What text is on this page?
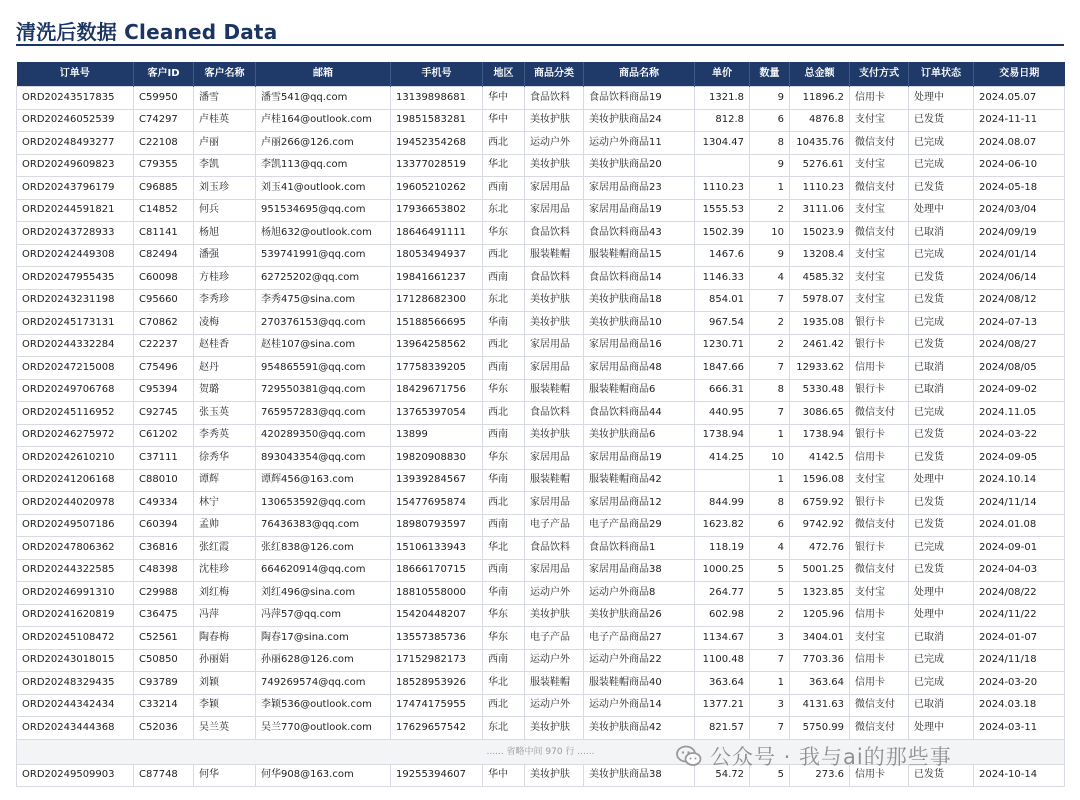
清洗后数据 Cleaned Data
订单号	客户ID	客户名称	邮箱	手机号	地区	商品分类	商品名称	单价	数量	总金额	支付方式	订单状态	交易日期
ORD20243517835	C59950	潘雪	潘雪541@qq.com	13139898681	华中	食品饮料	食品饮料商品19	1321.8	9	11896.2	信用卡	处理中	2024.05.07
ORD20246052539	C74297	卢桂英	卢桂164@outlook.com	19851583281	华中	美妆护肤	美妆护肤商品24	812.8	6	4876.8	支付宝	已发货	2024-11-11
ORD20248493277	C22108	卢丽	卢丽266@126.com	19452354268	西北	运动户外	运动户外商品11	1304.47	8	10435.76	微信支付	已完成	2024.08.07
ORD20249609823	C79355	李凯	李凯113@qq.com	13377028519	华北	美妆护肤	美妆护肤商品20		9	5276.61	支付宝	已完成	2024-06-10
ORD20243796179	C96885	刘玉珍	刘玉41@outlook.com	19605210262	西南	家居用品	家居用品商品23	1110.23	1	1110.23	微信支付	已发货	2024-05-18
ORD20244591821	C14852	何兵	951534695@qq.com	17936653802	东北	家居用品	家居用品商品19	1555.53	2	3111.06	支付宝	处理中	2024/03/04
ORD20243728933	C81141	杨旭	杨旭632@outlook.com	18646491111	华东	食品饮料	食品饮料商品43	1502.39	10	15023.9	微信支付	已取消	2024/09/19
ORD20242449308	C82494	潘强	539741991@qq.com	18053494937	西北	服装鞋帽	服装鞋帽商品15	1467.6	9	13208.4	支付宝	已完成	2024/01/14
ORD20247955435	C60098	方桂珍	62725202@qq.com	19841661237	西南	食品饮料	食品饮料商品14	1146.33	4	4585.32	支付宝	已发货	2024/06/14
ORD20243231198	C95660	李秀珍	李秀475@sina.com	17128682300	东北	美妆护肤	美妆护肤商品18	854.01	7	5978.07	支付宝	已发货	2024/08/12
ORD20245173131	C70862	凌梅	270376153@qq.com	15188566695	华南	美妆护肤	美妆护肤商品10	967.54	2	1935.08	银行卡	已完成	2024-07-13
ORD20244332284	C22237	赵桂香	赵桂107@sina.com	13964258562	西北	家居用品	家居用品商品16	1230.71	2	2461.42	银行卡	已发货	2024/08/27
ORD20247215008	C75496	赵丹	954865591@qq.com	17758339205	西南	家居用品	家居用品商品48	1847.66	7	12933.62	信用卡	已取消	2024/08/05
ORD20249706768	C95394	贺璐	729550381@qq.com	18429671756	华东	服装鞋帽	服装鞋帽商品6	666.31	8	5330.48	银行卡	已取消	2024-09-02
ORD20245116952	C92745	张玉英	765957283@qq.com	13765397054	西北	食品饮料	食品饮料商品44	440.95	7	3086.65	微信支付	已完成	2024.11.05
ORD20246275972	C61202	李秀英	420289350@qq.com	13899	西南	美妆护肤	美妆护肤商品6	1738.94	1	1738.94	银行卡	已发货	2024-03-22
ORD20242610210	C37111	徐秀华	893043354@qq.com	19820908830	华东	家居用品	家居用品商品19	414.25	10	4142.5	信用卡	已发货	2024-09-05
ORD20241206168	C88010	谭辉	谭辉456@163.com	13939284567	华南	服装鞋帽	服装鞋帽商品42		1	1596.08	支付宝	处理中	2024.10.14
ORD20244020978	C49334	林宁	130653592@qq.com	15477695874	西北	家居用品	家居用品商品12	844.99	8	6759.92	银行卡	已发货	2024/11/14
ORD20249507186	C60394	孟帅	76436383@qq.com	18980793597	西南	电子产品	电子产品商品29	1623.82	6	9742.92	微信支付	已发货	2024.01.08
ORD20247806362	C36816	张红霞	张红838@126.com	15106133943	华北	食品饮料	食品饮料商品1	118.19	4	472.76	银行卡	已完成	2024-09-01
ORD20244322585	C48398	沈桂珍	664620914@qq.com	18666170715	西南	家居用品	家居用品商品38	1000.25	5	5001.25	微信支付	已发货	2024-04-03
ORD20246991310	C29988	刘红梅	刘红496@sina.com	18810558000	华南	运动户外	运动户外商品8	264.77	5	1323.85	支付宝	处理中	2024/08/22
ORD20241620819	C36475	冯萍	冯萍57@qq.com	15420448207	华东	美妆护肤	美妆护肤商品26	602.98	2	1205.96	信用卡	处理中	2024/11/22
ORD20245108472	C52561	陶春梅	陶春17@sina.com	13557385736	华东	电子产品	电子产品商品27	1134.67	3	3404.01	支付宝	已取消	2024-01-07
ORD20243018015	C50850	孙丽娟	孙丽628@126.com	17152982173	西南	运动户外	运动户外商品22	1100.48	7	7703.36	信用卡	已完成	2024/11/18
ORD20248329435	C93789	刘颖	749269574@qq.com	18528953926	华北	服装鞋帽	服装鞋帽商品40	363.64	1	363.64	信用卡	已完成	2024-03-20
ORD20244342434	C33214	李颖	李颖536@outlook.com	17474175955	西北	运动户外	运动户外商品14	1377.21	3	4131.63	微信支付	已取消	2024.03.18
ORD20243444368	C52036	吴兰英	吴兰770@outlook.com	17629657542	东北	美妆护肤	美妆护肤商品42	821.57	7	5750.99	微信支付	处理中	2024-03-11
...... 省略中间 970 行 ......													
ORD20249509903	C87748	何华	何华908@163.com	19255394607	华中	美妆护肤	美妆护肤商品38	54.72	5	273.6	信用卡	已发货	2024-10-14
公众号 · 我与ai的那些事
